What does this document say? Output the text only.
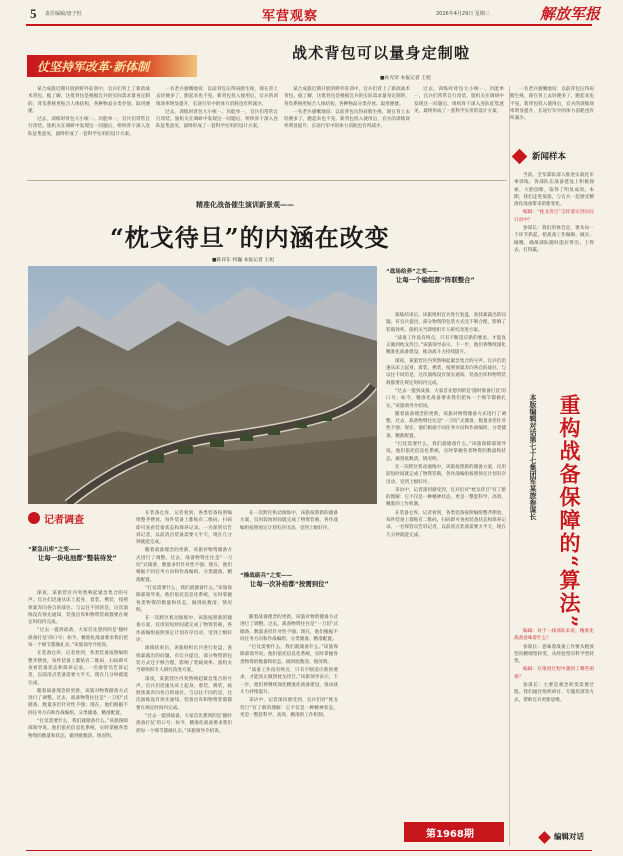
5 责任编辑/唐子恒	军营观察	2026年4月29日 星期三	解放军报
仗坚持军改革·新体制
战术背包可以量身定制啦
■孙光荣 本报记者 王旭

某合成旅近期开展的野外驻训中，官兵们背上了新款战术背包。据了解，这批背包是根据官兵的实际需求量身定制的，背负系统更贴合人体结构，各种物品分类存放、取用便捷。

过去，训练时背包大小统一、功能单一，官兵们常常自行改装。旅机关在调研中发现这一问题后，组织骨干深入连队征集意见，最终形成了一套科学实用的设计方案。

一名老兵感慨地说：以前背包压得肩膀生疼，现在背上去轻便多了，跑起来也不晃。新背包投入使用后，官兵的训练效率明显提升，长途行军中的体力消耗也有所减少。

过去，训练时背包大小统一、功能单一，官兵们常常自行改装。旅机关在调研中发现这一问题后，组织骨干深入连队征集意见，最终形成了一套科学实用的设计方案。

某合成旅近期开展的野外驻训中，官兵们背上了新款战术背包。据了解，这批背包是根据官兵的实际需求量身定制的，背负系统更贴合人体结构，各种物品分类存放、取用便捷。

一名老兵感慨地说：以前背包压得肩膀生疼，现在背上去轻便多了，跑起来也不晃。新背包投入使用后，官兵的训练效率明显提升，长途行军中的体力消耗也有所减少。

过去，训练时背包大小统一、功能单一，官兵们常常自行改装。旅机关在调研中发现这一问题后，组织骨干深入连队征集意见，最终形成了一套科学实用的设计方案。

一名老兵感慨地说：以前背包压得肩膀生疼，现在背上去轻便多了，跑起来也不晃。新背包投入使用后，官兵的训练效率明显提升，长途行军中的体力消耗也有所减少。

精准化战备催生演训新景观——
“枕戈待旦”的内涵在改变
■陈祥东 阿巍 本报记者 王旭
记者调查
“紧急出库”之变——
让每一块电池都“整装待发”

深夜，某旅营区内突然响起紧急集合的号声。官兵们迅速从床上起身，着装、携装，按照预案奔向各自的战位。与以往不同的是，这次演练没有预先通知，装备出库和物资装载都要在规定时间内完成。

“过去一提到战备，大家首先想到的是‘随时准备打仗’的口号；如今，精准化战备要求我们把每一个细节都做扎实。”该旅领导介绍说。

在装备仓库，记者看到，各类装备按照编组整齐摆放，每件装备上都贴有二维码，扫码即可查看装备状态和保养记录。一名保管员告诉记者，以前清点装备需要大半天，现在几分钟就能完成。

随着战备理念的更新，该旅对物资储备方式进行了调整。过去，战备物资往往是“一刀切”式储备，数量多但针对性不强；现在，他们根据不同任务方向和作战编组，分类储备、精准配置。

“打仗需要什么，我们就储备什么。”该旅保障部领导说。他们依托信息化系统，实时掌握各类物资的数量和状态，做到底数清、情况明。

在装备仓库，记者看到，各类装备按照编组整齐摆放，每件装备上都贴有二维码，扫码即可查看装备状态和保养记录。一名保管员告诉记者，以前清点装备需要大半天，现在几分钟就能完成。

随着战备理念的更新，该旅对物资储备方式进行了调整。过去，战备物资往往是“一刀切”式储备，数量多但针对性不强；现在，他们根据不同任务方向和作战编组，分类储备、精准配置。

“打仗需要什么，我们就储备什么。”该旅保障部领导说。他们依托信息化系统，实时掌握各类物资的数量和状态，做到底数清、情况明。

在一次跨区机动演练中，该旅按照新的储备方案，仅用较短时间就完成了物资装载，各作战编组按照预定计划有序出动，受到上级好评。

演练结束后，该旅组织官兵进行复盘，查找暴露出的问题。有官兵提出，部分物资的包装方式还不够合理，影响了装载效率。旅机关当即组织专人研究改进方案。

深夜，某旅营区内突然响起紧急集合的号声。官兵们迅速从床上起身，着装、携装，按照预案奔向各自的战位。与以往不同的是，这次演练没有预先通知，装备出库和物资装载都要在规定时间内完成。

“过去一提到战备，大家首先想到的是‘随时准备打仗’的口号；如今，精准化战备要求我们把每一个细节都做扎实。”该旅领导介绍说。

在一次跨区机动演练中，该旅按照新的储备方案，仅用较短时间就完成了物资装载，各作战编组按照预定计划有序出动，受到上级好评。

“操战砺兵”之变——
让每一次补给都“按需到位”

随着战备理念的更新，该旅对物资储备方式进行了调整。过去，战备物资往往是“一刀切”式储备，数量多但针对性不强；现在，他们根据不同任务方向和作战编组，分类储备、精准配置。

“打仗需要什么，我们就储备什么。”该旅保障部领导说。他们依托信息化系统，实时掌握各类物资的数量和状态，做到底数清、情况明。

“战备工作没有终点，只有不断适应新的要求，才能真正做到枕戈待旦。”该旅领导表示，下一步，他们将继续深化精准化战备建设，推动战斗力持续提升。

采访中，记者深切感受到，官兵们对“枕戈待旦”有了新的理解：它不仅是一种精神状态，更是一整套科学、高效、精准的工作机制。

“战场给养”之变——
让每一个编组都“阵联整合”

演练结束后，该旅组织官兵进行复盘，查找暴露出的问题。有官兵提出，部分物资的包装方式还不够合理，影响了装载效率。旅机关当即组织专人研究改进方案。

“战备工作没有终点，只有不断适应新的要求，才能真正做到枕戈待旦。”该旅领导表示，下一步，他们将继续深化精准化战备建设，推动战斗力持续提升。

深夜，某旅营区内突然响起紧急集合的号声。官兵们迅速从床上起身，着装、携装，按照预案奔向各自的战位。与以往不同的是，这次演练没有预先通知，装备出库和物资装载都要在规定时间内完成。

“过去一提到战备，大家首先想到的是‘随时准备打仗’的口号；如今，精准化战备要求我们把每一个细节都做扎实。”该旅领导介绍说。

随着战备理念的更新，该旅对物资储备方式进行了调整。过去，战备物资往往是“一刀切”式储备，数量多但针对性不强；现在，他们根据不同任务方向和作战编组，分类储备、精准配置。

“打仗需要什么，我们就储备什么。”该旅保障部领导说。他们依托信息化系统，实时掌握各类物资的数量和状态，做到底数清、情况明。

在一次跨区机动演练中，该旅按照新的储备方案，仅用较短时间就完成了物资装载，各作战编组按照预定计划有序出动，受到上级好评。

采访中，记者深切感受到，官兵们对“枕戈待旦”有了新的理解：它不仅是一种精神状态，更是一整套科学、高效、精准的工作机制。

在装备仓库，记者看到，各类装备按照编组整齐摆放，每件装备上都贴有二维码，扫码即可查看装备状态和保养记录。一名保管员告诉记者，以前清点装备需要大半天，现在几分钟就能完成。

第1968期
新闻样本

当前，全军部队深入推进实战化军事训练，各部队在战备建设上积极探索、大胆创新，取得了明显成效。本期，我们走进某旅，与官兵一起感受精准化战备带来的新变化。

编辑：“枕戈待旦”怎样落实到实际行动中？

参谋长：我们的体会是，要从每一个环节抓起，把战备工作做细、做实、做精，确保部队随时能拉得出、上得去、打得赢。

重构战备保障的“算法”
本版编辑对话第七十七集团军某旅参谋长

编辑：对于一线部队来说，精准化战备意味着什么？

参谋长：意味着战备工作要从粗放型向精细型转变，从经验型向科学型转变。

编辑：在推进过程中遇到了哪些困难？

参谋长：主要是观念转变需要过程。我们通过组织研讨、专题培训等方式，帮助官兵更新思维。

编辑对话
